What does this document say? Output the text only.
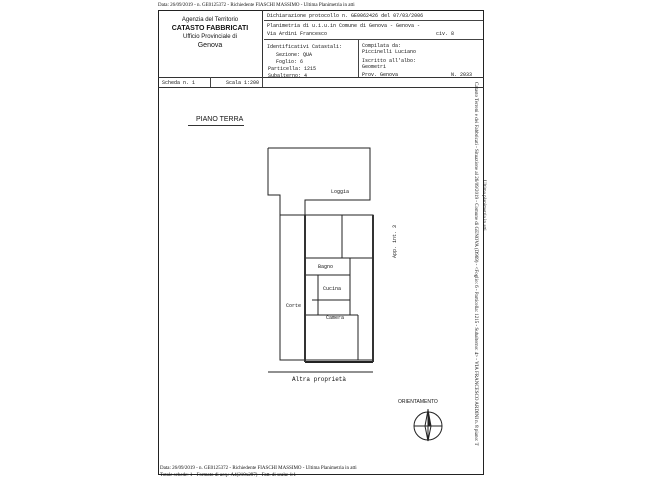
Data: 26/09/2019 - n. GE0125372 - Richiedente FIASCHI MASSIMO - Ultima Planimetria in atti
Agenzia del Territorio
CATASTO FABBRICATI
Ufficio Provinciale di
Genova
Dichiarazione protocollo n. GE0062426 del 07/03/2006
Planimetria di u.i.u.in Comune di Genova - Genova -
civ. 8
Via Ardini Francesco
Identificativi Catastali:
Sezione: QUA
Foglio: 6
Particella: 1215
Subalterno: 4
Compilata da:
Piccinelli Luciano
Iscritto all'albo:
Geometri
Prov. Genova	N. 2033
Scheda n. 1	Scala 1:200
PIANO TERRA
Loggia
Bagno
Cucina
Camera
Corte
Altra proprietà
App. int. 3
ORIENTAMENTO	Catasto Terreni e dei Fabbricati - Situazione al 26/09/2019 - Comune di GENOVA (D969) - <Foglio: 6 - Particella: 1215 - Subalterno: 4> - VIA FRANCESCO ARDINI n. 8 piano: T Ultima planimetria in atti
Data: 26/09/2019 - n. GE0125372 - Richiedente FIASCHI MASSIMO - Ultima Planimetria in atti
Totale schede: 1 - Formato di acq.: A4(210x297) - Fatt. di scala: 1:1
